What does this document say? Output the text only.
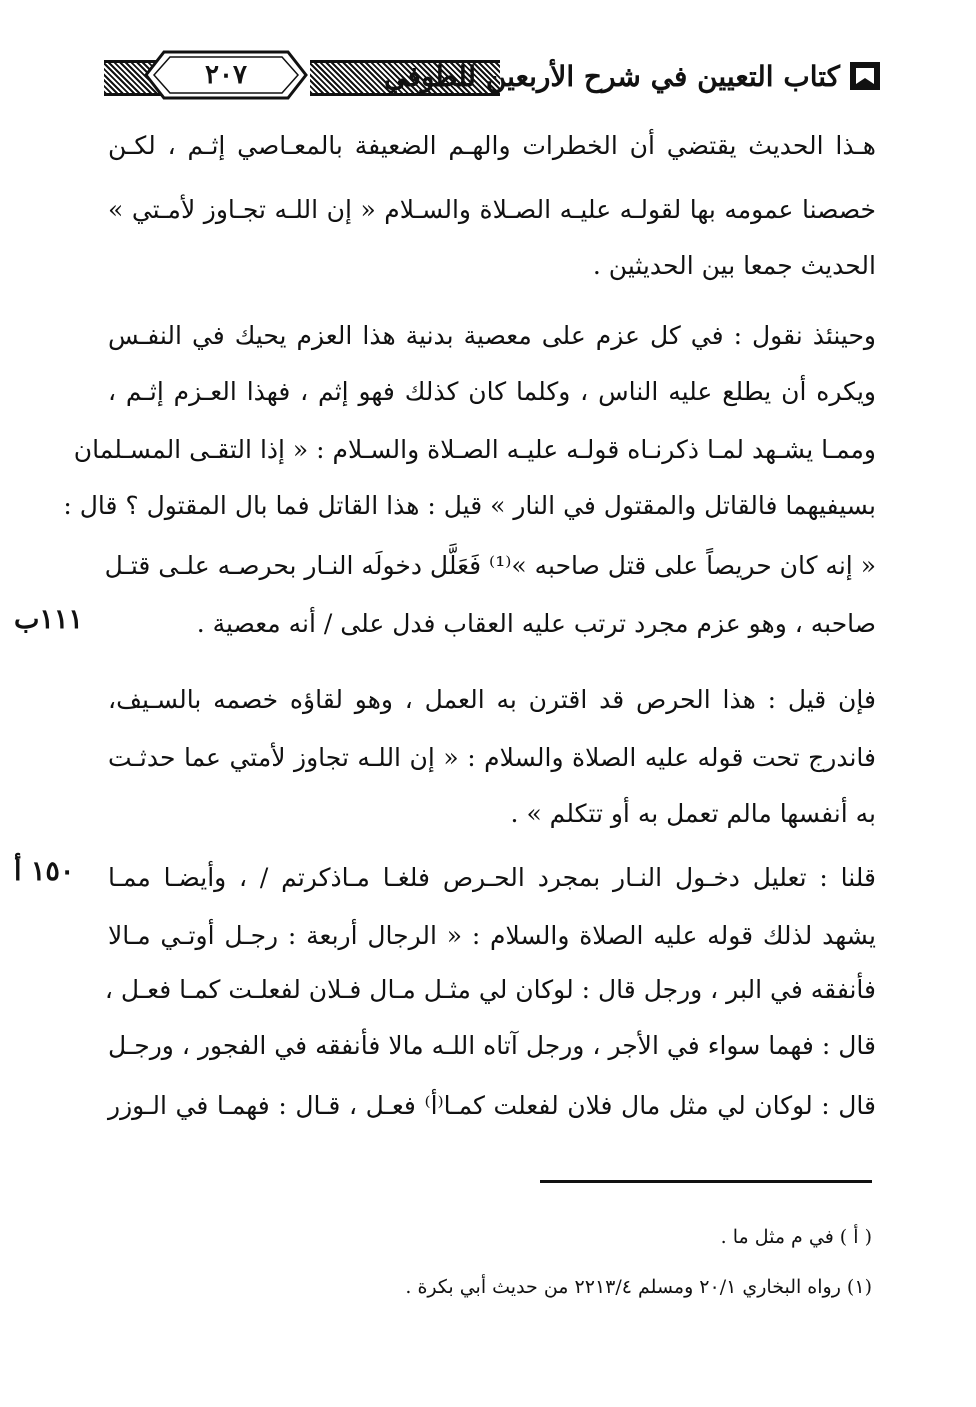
٢٠٧	كتاب التعيين في شرح الأربعين للطوفي
هـذا الحديث يقتضي أن الخطرات والهـم الضعيفة بالمعـاصي إثـم ، لكـن
خصصنا عمومه بها لقولـه عليـه الصـلاة والسـلام « إن اللـه تجـاوز لأمـتي »
الحديث جمعا بين الحديثين .
وحينئذ نقول : في كل عزم على معصية بدنية هذا العزم يحيك في النفـس
ويكره أن يطلع عليه الناس ، وكلما كان كذلك فهو إثم ، فهذا العـزم إثـم ،
وممـا يشـهد لمـا ذكرنـاه قولـه عليـه الصـلاة والسـلام : « إذا التقـى المسـلمان
بسيفيهما فالقاتل والمقتول في النار » قيل : هذا القاتل فما بال المقتول ؟ قال :
« إنه كان حريصاً على قتل صاحبه »⁽¹⁾ فَعَلَّل دخولَه النـار بحرصـه علـى قتـل
صاحبه ، وهو عزم مجرد ترتب عليه العقاب فدل على / أنه معصية .
فإن قيل : هذا الحرص قد اقترن به العمل ، وهو لقاؤه خصمه بالسـيف،
فاندرج تحت قوله عليه الصلاة والسلام : « إن اللـه تجاوز لأمتي عما حدثـت
به أنفسها مالم تعمل به أو تتكلم » .
قلنا : تعليل دخـول النـار بمجرد الحـرص فلغـا مـاذكرتم / ، وأيضـا ممـا
يشهد لذلك قوله عليه الصلاة والسلام : « الرجال أربعة : رجـل أوتـي مـالا
فأنفقه في البر ، ورجل قال : لوكان لي مثـل مـال فـلان لفعلـت كمـا فعـل ،
قال : فهما سواء في الأجر ، ورجل آتاه اللـه مالا فأنفقه في الفجور ، ورجـل
قال : لوكان لي مثل مال فلان لفعلت كمـا⁽أ⁾ فعـل ، قـال : فهمـا في الـوزر
١١١ب
١٥٠ أ
( أ ) في م مثل ما .
(١) رواه البخاري ٢٠/١ ومسلم ٢٢١٣/٤ من حديث أبي بكرة .
